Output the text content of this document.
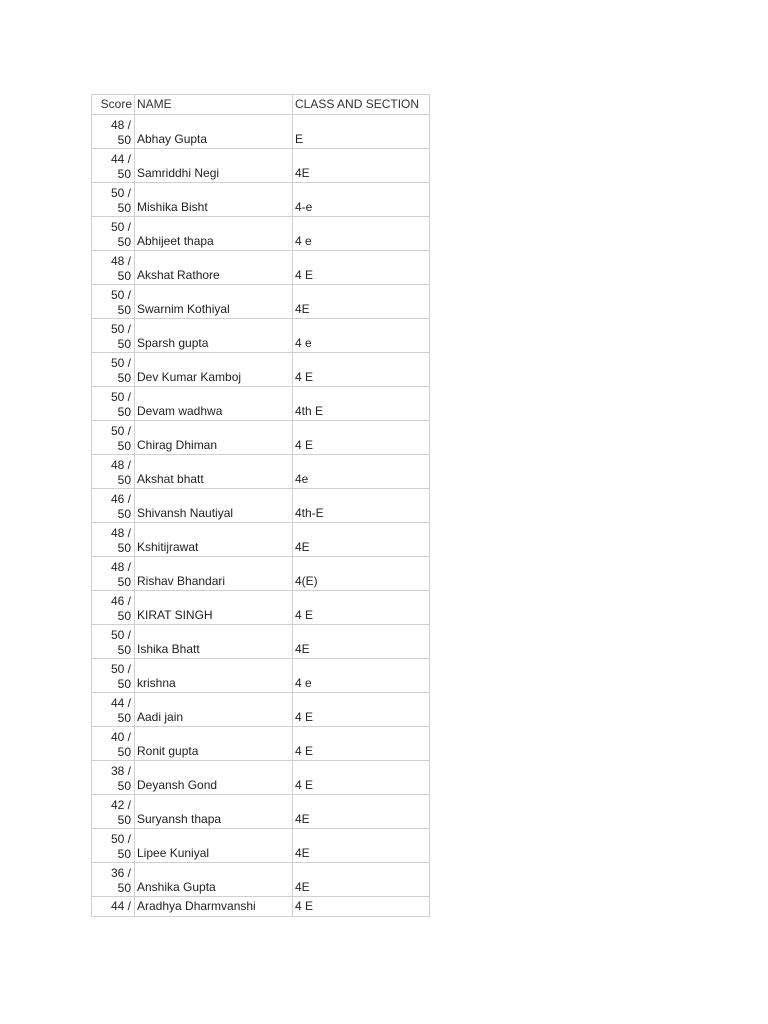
Score	NAME	CLASS AND SECTION

48 /
50	Abhay Gupta	E

44 /
50	Samriddhi Negi	4E

50 /
50	Mishika Bisht	4-e

50 /
50	Abhijeet thapa	4 e

48 /
50	Akshat Rathore	4 E

50 /
50	Swarnim Kothiyal	4E

50 /
50	Sparsh gupta	4 e

50 /
50	Dev Kumar Kamboj	4 E

50 /
50	Devam wadhwa	4th E

50 /
50	Chirag Dhiman	4 E

48 /
50	Akshat bhatt	4e

46 /
50	Shivansh Nautiyal	4th-E

48 /
50	Kshitijrawat	4E

48 /
50	Rishav Bhandari	4(E)

46 /
50	KIRAT SINGH	4 E

50 /
50	Ishika Bhatt	4E

50 /
50	krishna	4 e

44 /
50	Aadi jain	4 E

40 /
50	Ronit gupta	4 E

38 /
50	Deyansh Gond	4 E

42 /
50	Suryansh thapa	4E

50 /
50	Lipee Kuniyal	4E

36 /
50	Anshika Gupta	4E

44 /	Aradhya Dharmvanshi	4 E
